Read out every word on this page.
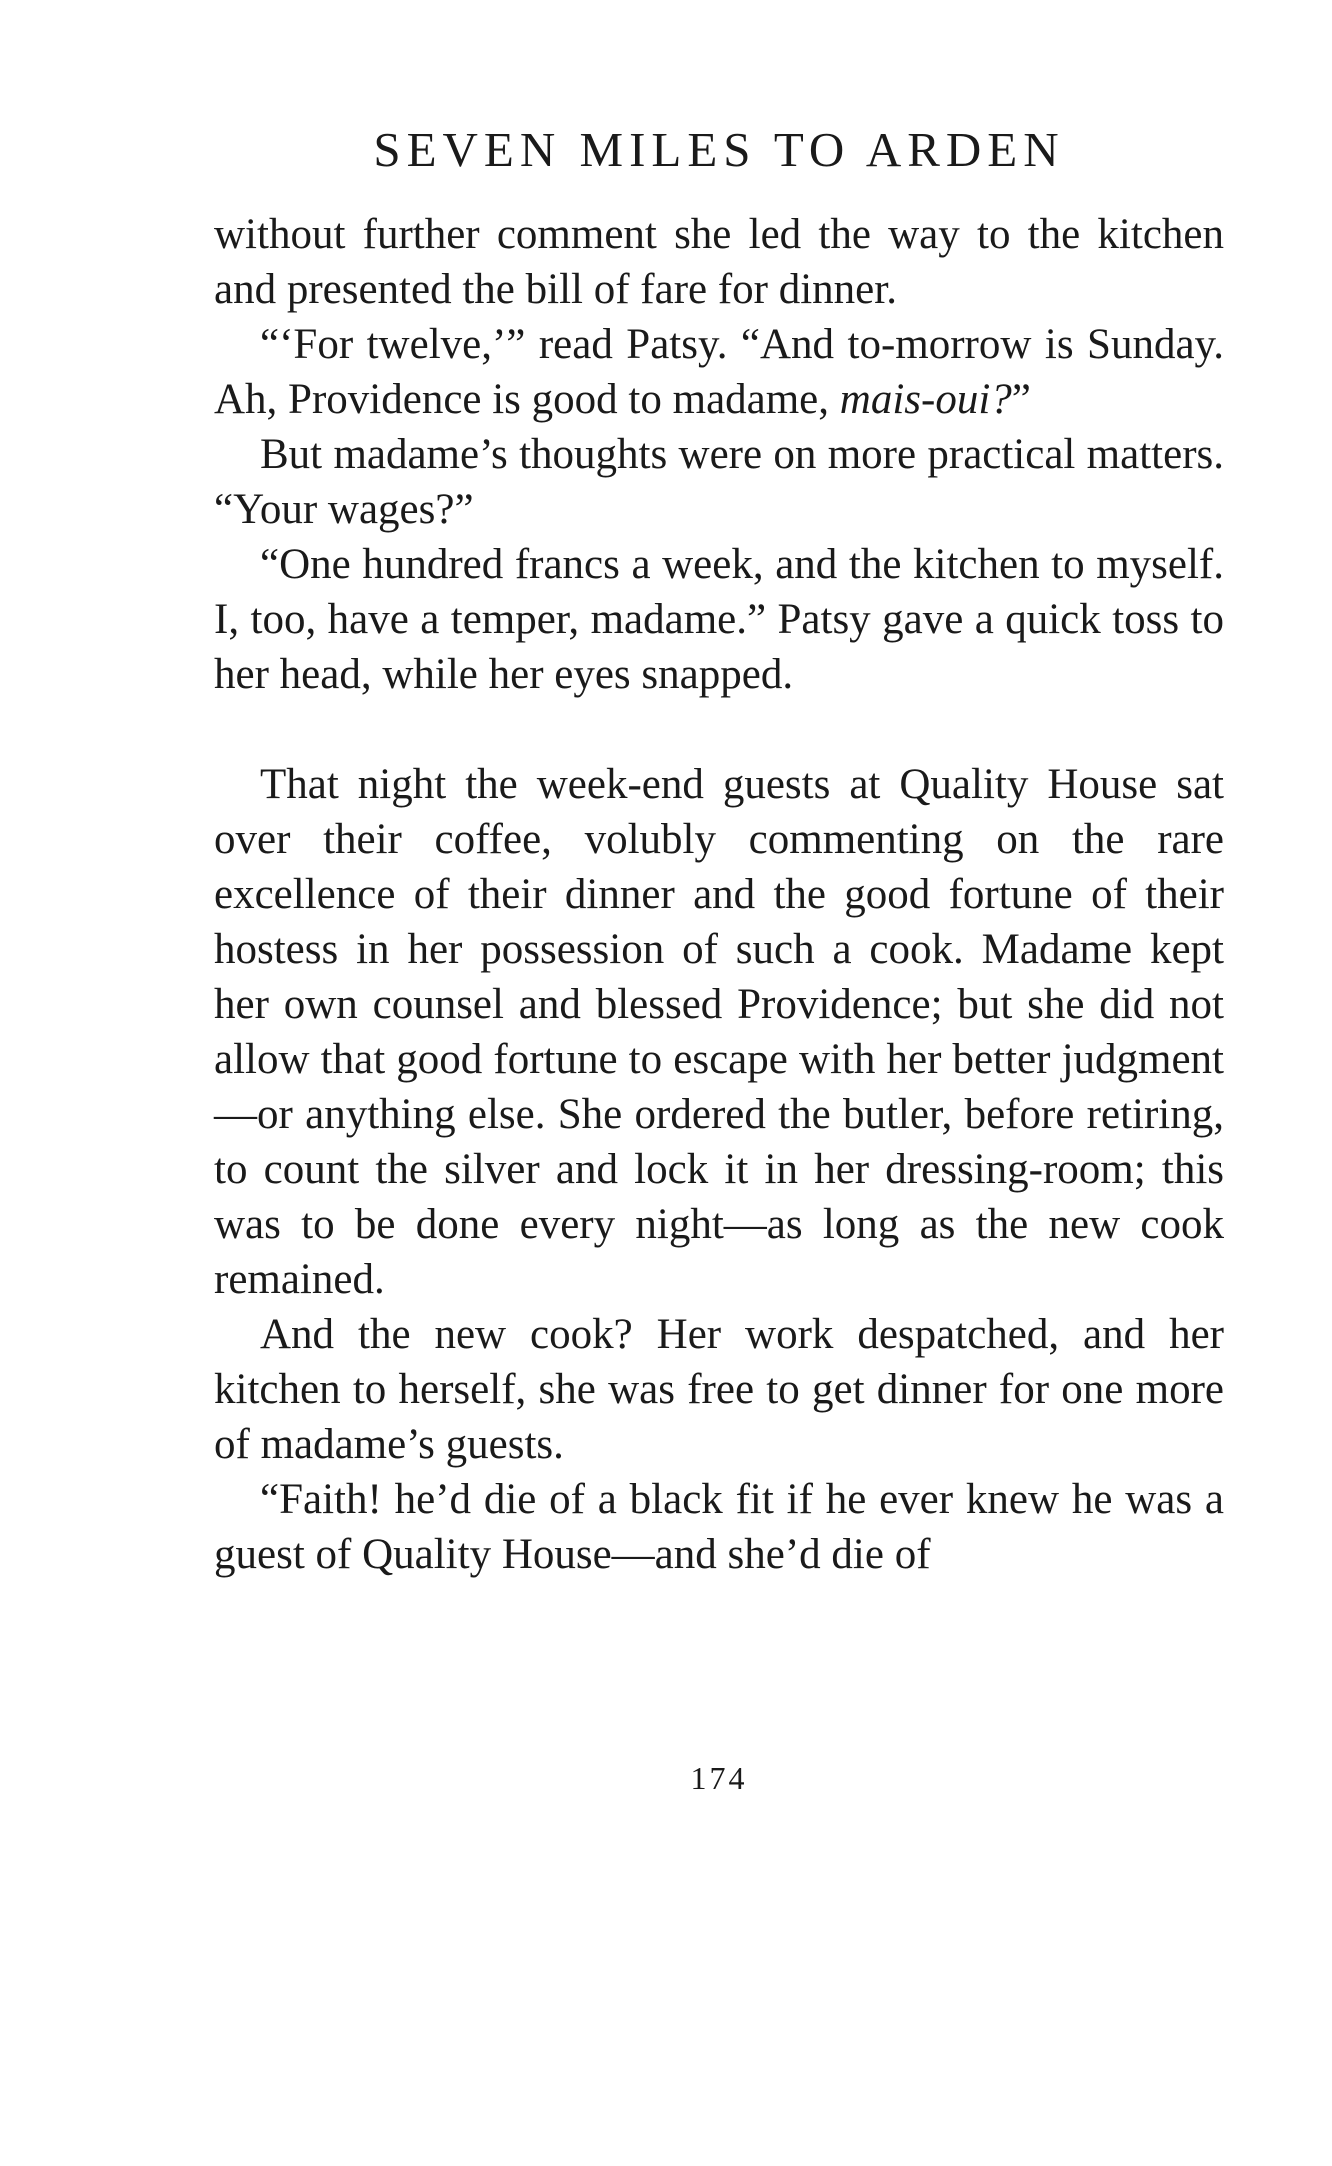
SEVEN MILES TO ARDEN

without further comment she led the way to the kitchen and presented the bill of fare for dinner.

“‘For twelve,’” read Patsy. “And to-morrow is Sunday. Ah, Providence is good to madame, mais-oui?”

But madame’s thoughts were on more practical matters. “Your wages?”

“One hundred francs a week, and the kitchen to myself. I, too, have a temper, madame.” Patsy gave a quick toss to her head, while her eyes snapped.

That night the week-end guests at Quality House sat over their coffee, volubly commenting on the rare excellence of their dinner and the good fortune of their hostess in her possession of such a cook. Madame kept her own counsel and blessed Providence; but she did not allow that good fortune to escape with her better judgment—or anything else. She ordered the butler, before retiring, to count the silver and lock it in her dressing-room; this was to be done every night—as long as the new cook remained.

And the new cook? Her work despatched, and her kitchen to herself, she was free to get dinner for one more of madame’s guests.

“Faith! he’d die of a black fit if he ever knew he was a guest of Quality House—and she’d die of

174
